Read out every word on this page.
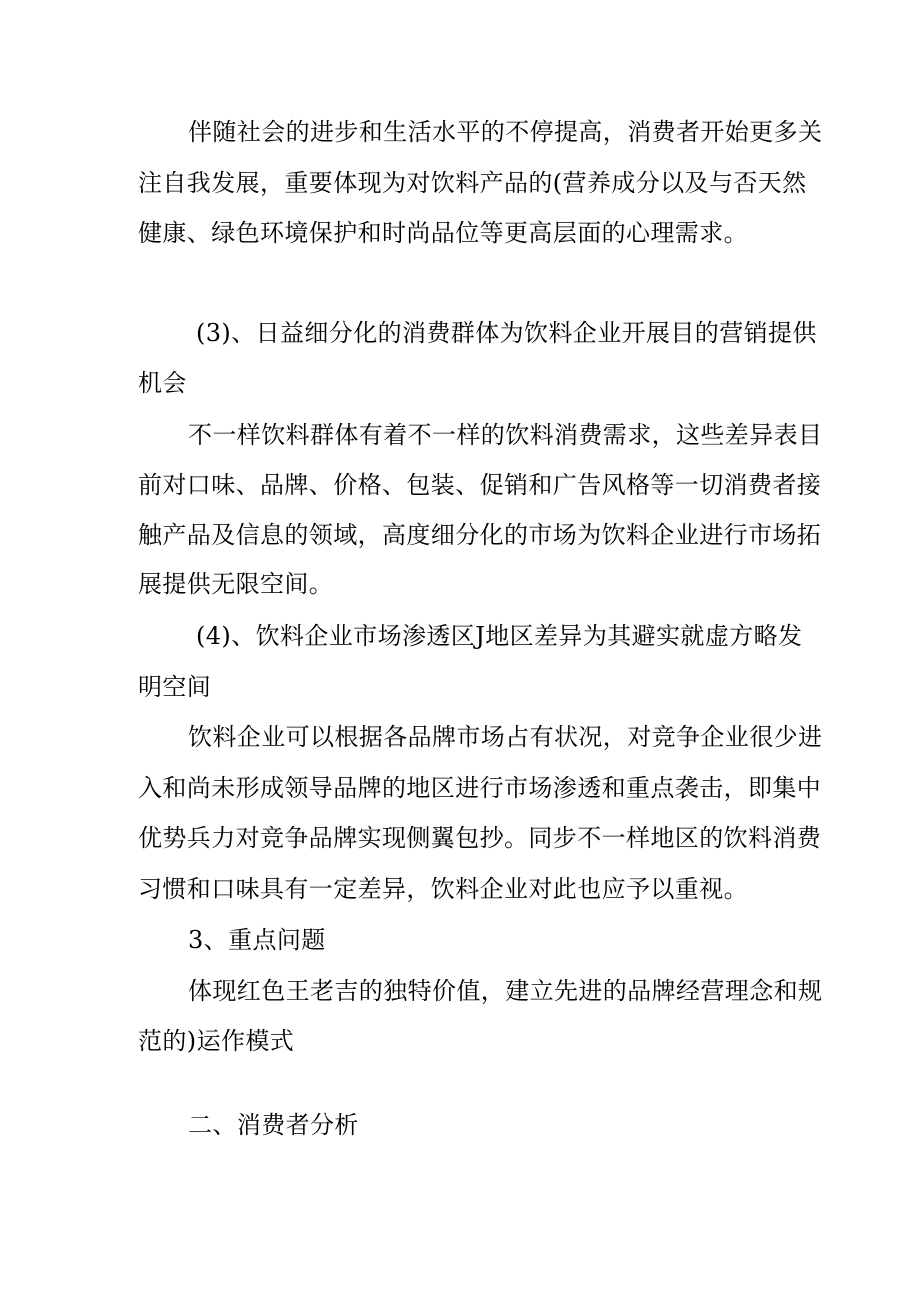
伴随社会的进步和生活水平的不停提高，消费者开始更多关
注自我发展，重要体现为对饮料产品的(营养成分以及与否天然
健康、绿色环境保护和时尚品位等更高层面的心理需求。
(3)、日益细分化的消费群体为饮料企业开展目的营销提供
机会
不一样饮料群体有着不一样的饮料消费需求，这些差异表目
前对口味、品牌、价格、包装、促销和广告风格等一切消费者接
触产品及信息的领域，高度细分化的市场为饮料企业进行市场拓
展提供无限空间。
(4)、饮料企业市场渗透区J地区差异为其避实就虚方略发
明空间
饮料企业可以根据各品牌市场占有状况，对竞争企业很少进
入和尚未形成领导品牌的地区进行市场渗透和重点袭击，即集中
优势兵力对竞争品牌实现侧翼包抄。同步不一样地区的饮料消费
习惯和口味具有一定差异，饮料企业对此也应予以重视。
3、重点问题
体现红色王老吉的独特价值，建立先进的品牌经营理念和规
范的)运作模式
二、消费者分析
